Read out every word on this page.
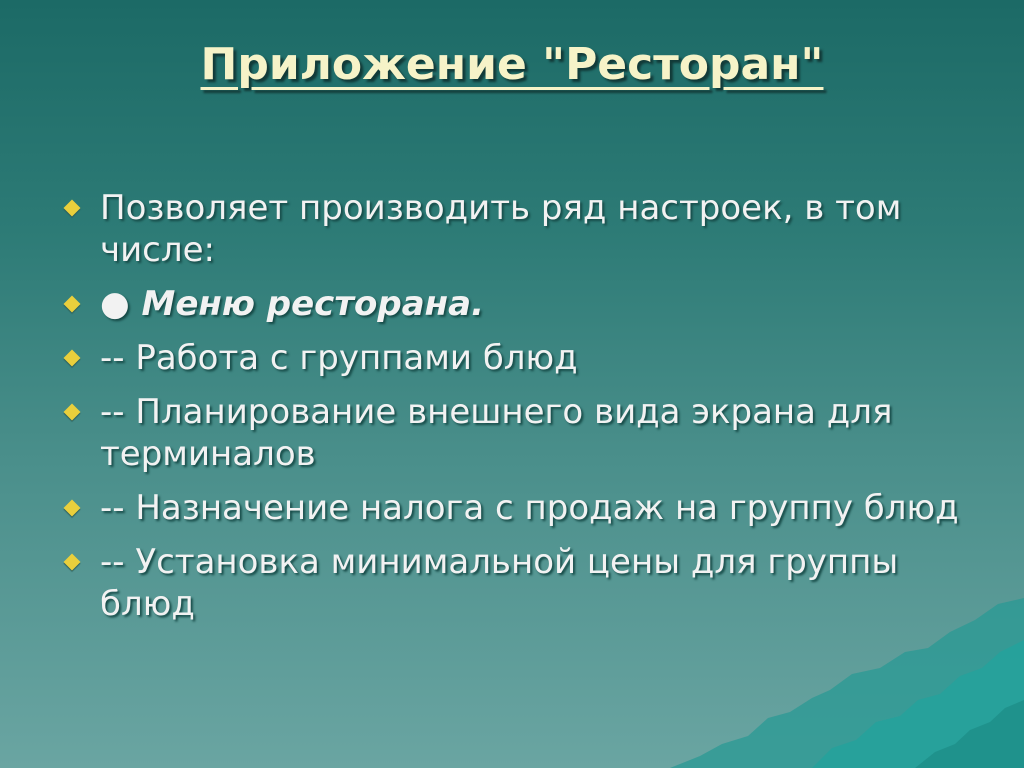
Приложение "Ресторан"
Позволяет производить ряд настроек, в том числе:
● Меню ресторана.
-- Работа с группами блюд
-- Планирование внешнего вида экрана для терминалов
-- Назначение налога с продаж на группу блюд
-- Установка минимальной цены для группы блюд
